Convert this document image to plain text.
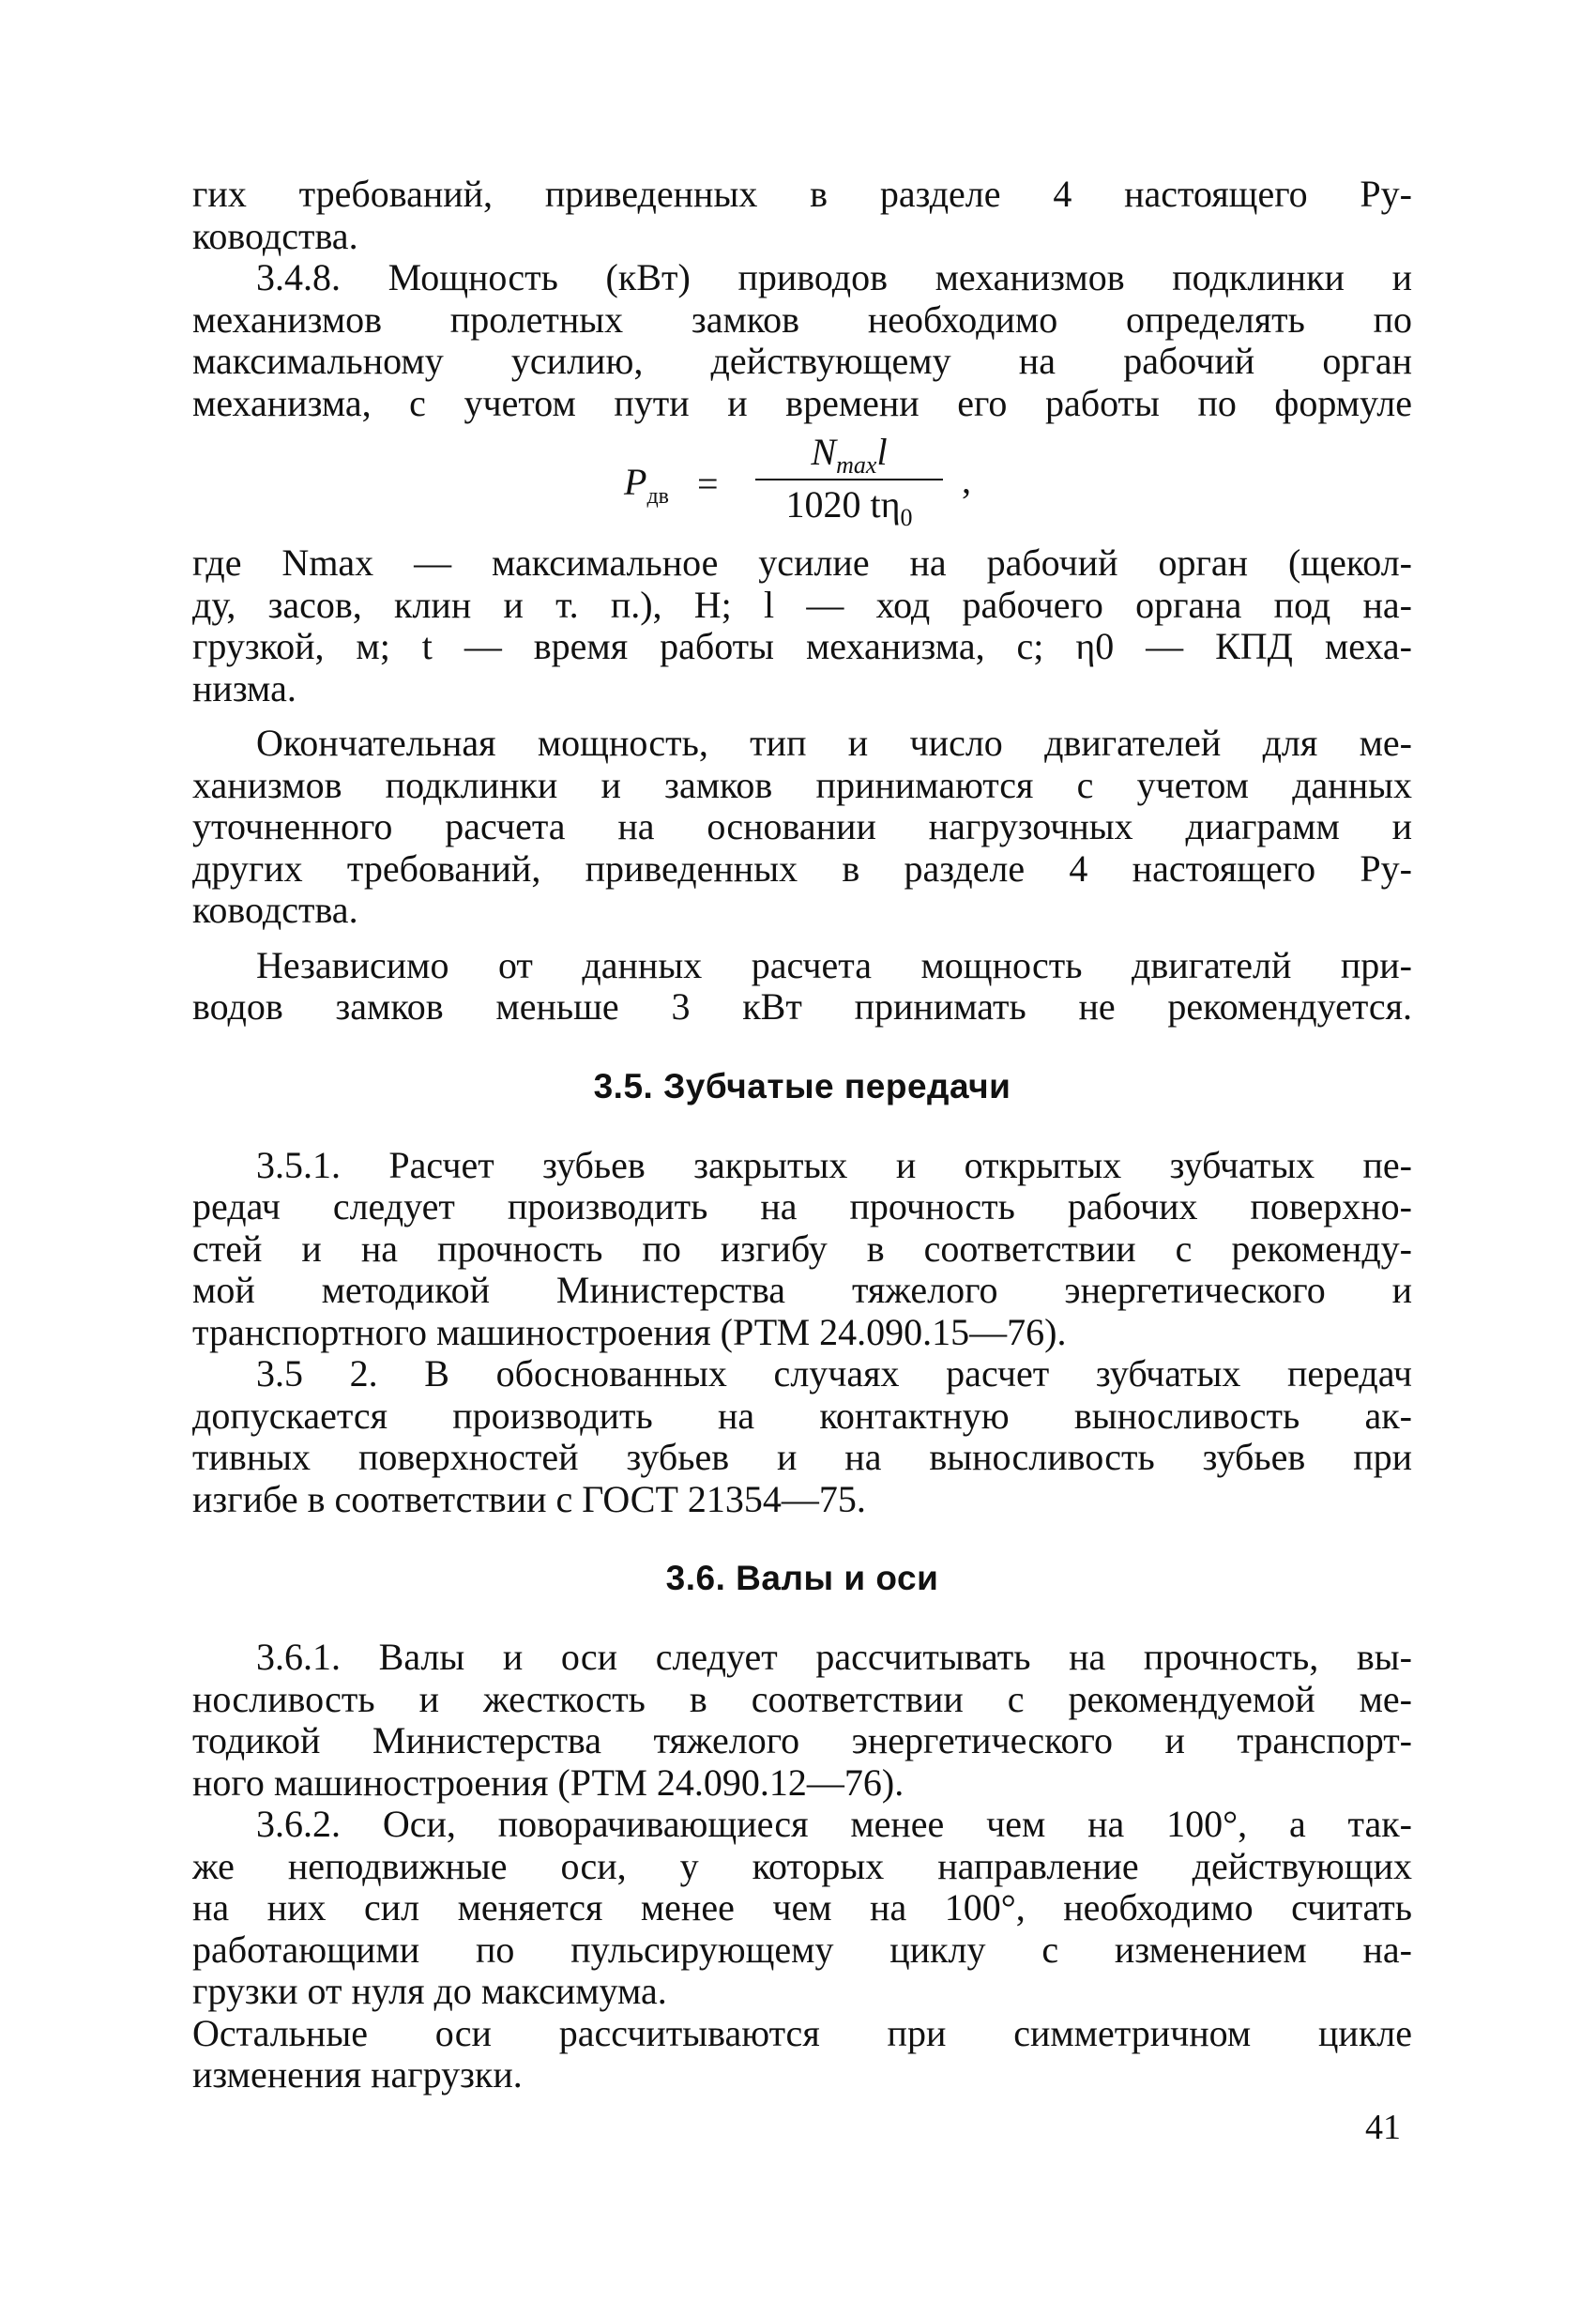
гих требований, приведенных в разделе 4 настоящего Ру-
ководства.
3.4.8. Мощность (кВт) приводов механизмов подклинки и
механизмов пролетных замков необходимо определять по
максимальному усилию, действующему на рабочий орган
механизма, с учетом пути и времени его работы по формуле
$P_{дв}$ =
$N_{max}l$
1020 $t\eta_0$
,
где Nmax — максимальное усилие на рабочий орган (щекол-
ду, засов, клин и т. п.), Н; l — ход рабочего органа под на-
грузкой, м; t — время работы механизма, с; η0 — КПД меха-
низма.
Окончательная мощность, тип и число двигателей для ме-
ханизмов подклинки и замков принимаются с учетом данных
уточненного расчета на основании нагрузочных диаграмм и
других требований, приведенных в разделе 4 настоящего Ру-
ководства.
Независимо от данных расчета мощность двигателй при-
водов замков меньше 3 кВт принимать не рекомендуется.
3.5. Зубчатые передачи
3.5.1. Расчет зубьев закрытых и открытых зубчатых пе-
редач следует производить на прочность рабочих поверхно-
стей и на прочность по изгибу в соответствии с рекоменду-
мой методикой Министерства тяжелого энергетического и
транспортного машиностроения (РТМ 24.090.15—76).
3.5 2. В обоснованных случаях расчет зубчатых передач
допускается производить на контактную выносливость ак-
тивных поверхностей зубьев и на выносливость зубьев при
изгибе в соответствии с ГОСТ 21354—75.
3.6. Валы и оси
3.6.1. Валы и оси следует рассчитывать на прочность, вы-
носливость и жесткость в соответствии с рекомендуемой ме-
тодикой Министерства тяжелого энергетического и транспорт-
ного машиностроения (РТМ 24.090.12—76).
3.6.2. Оси, поворачивающиеся менее чем на 100°, а так-
же неподвижные оси, у которых направление действующих
на них сил меняется менее чем на 100°, необходимо считать
работающими по пульсирующему циклу с изменением на-
грузки от нуля до максимума.
Остальные оси рассчитываются при симметричном цикле
изменения нагрузки.
41
